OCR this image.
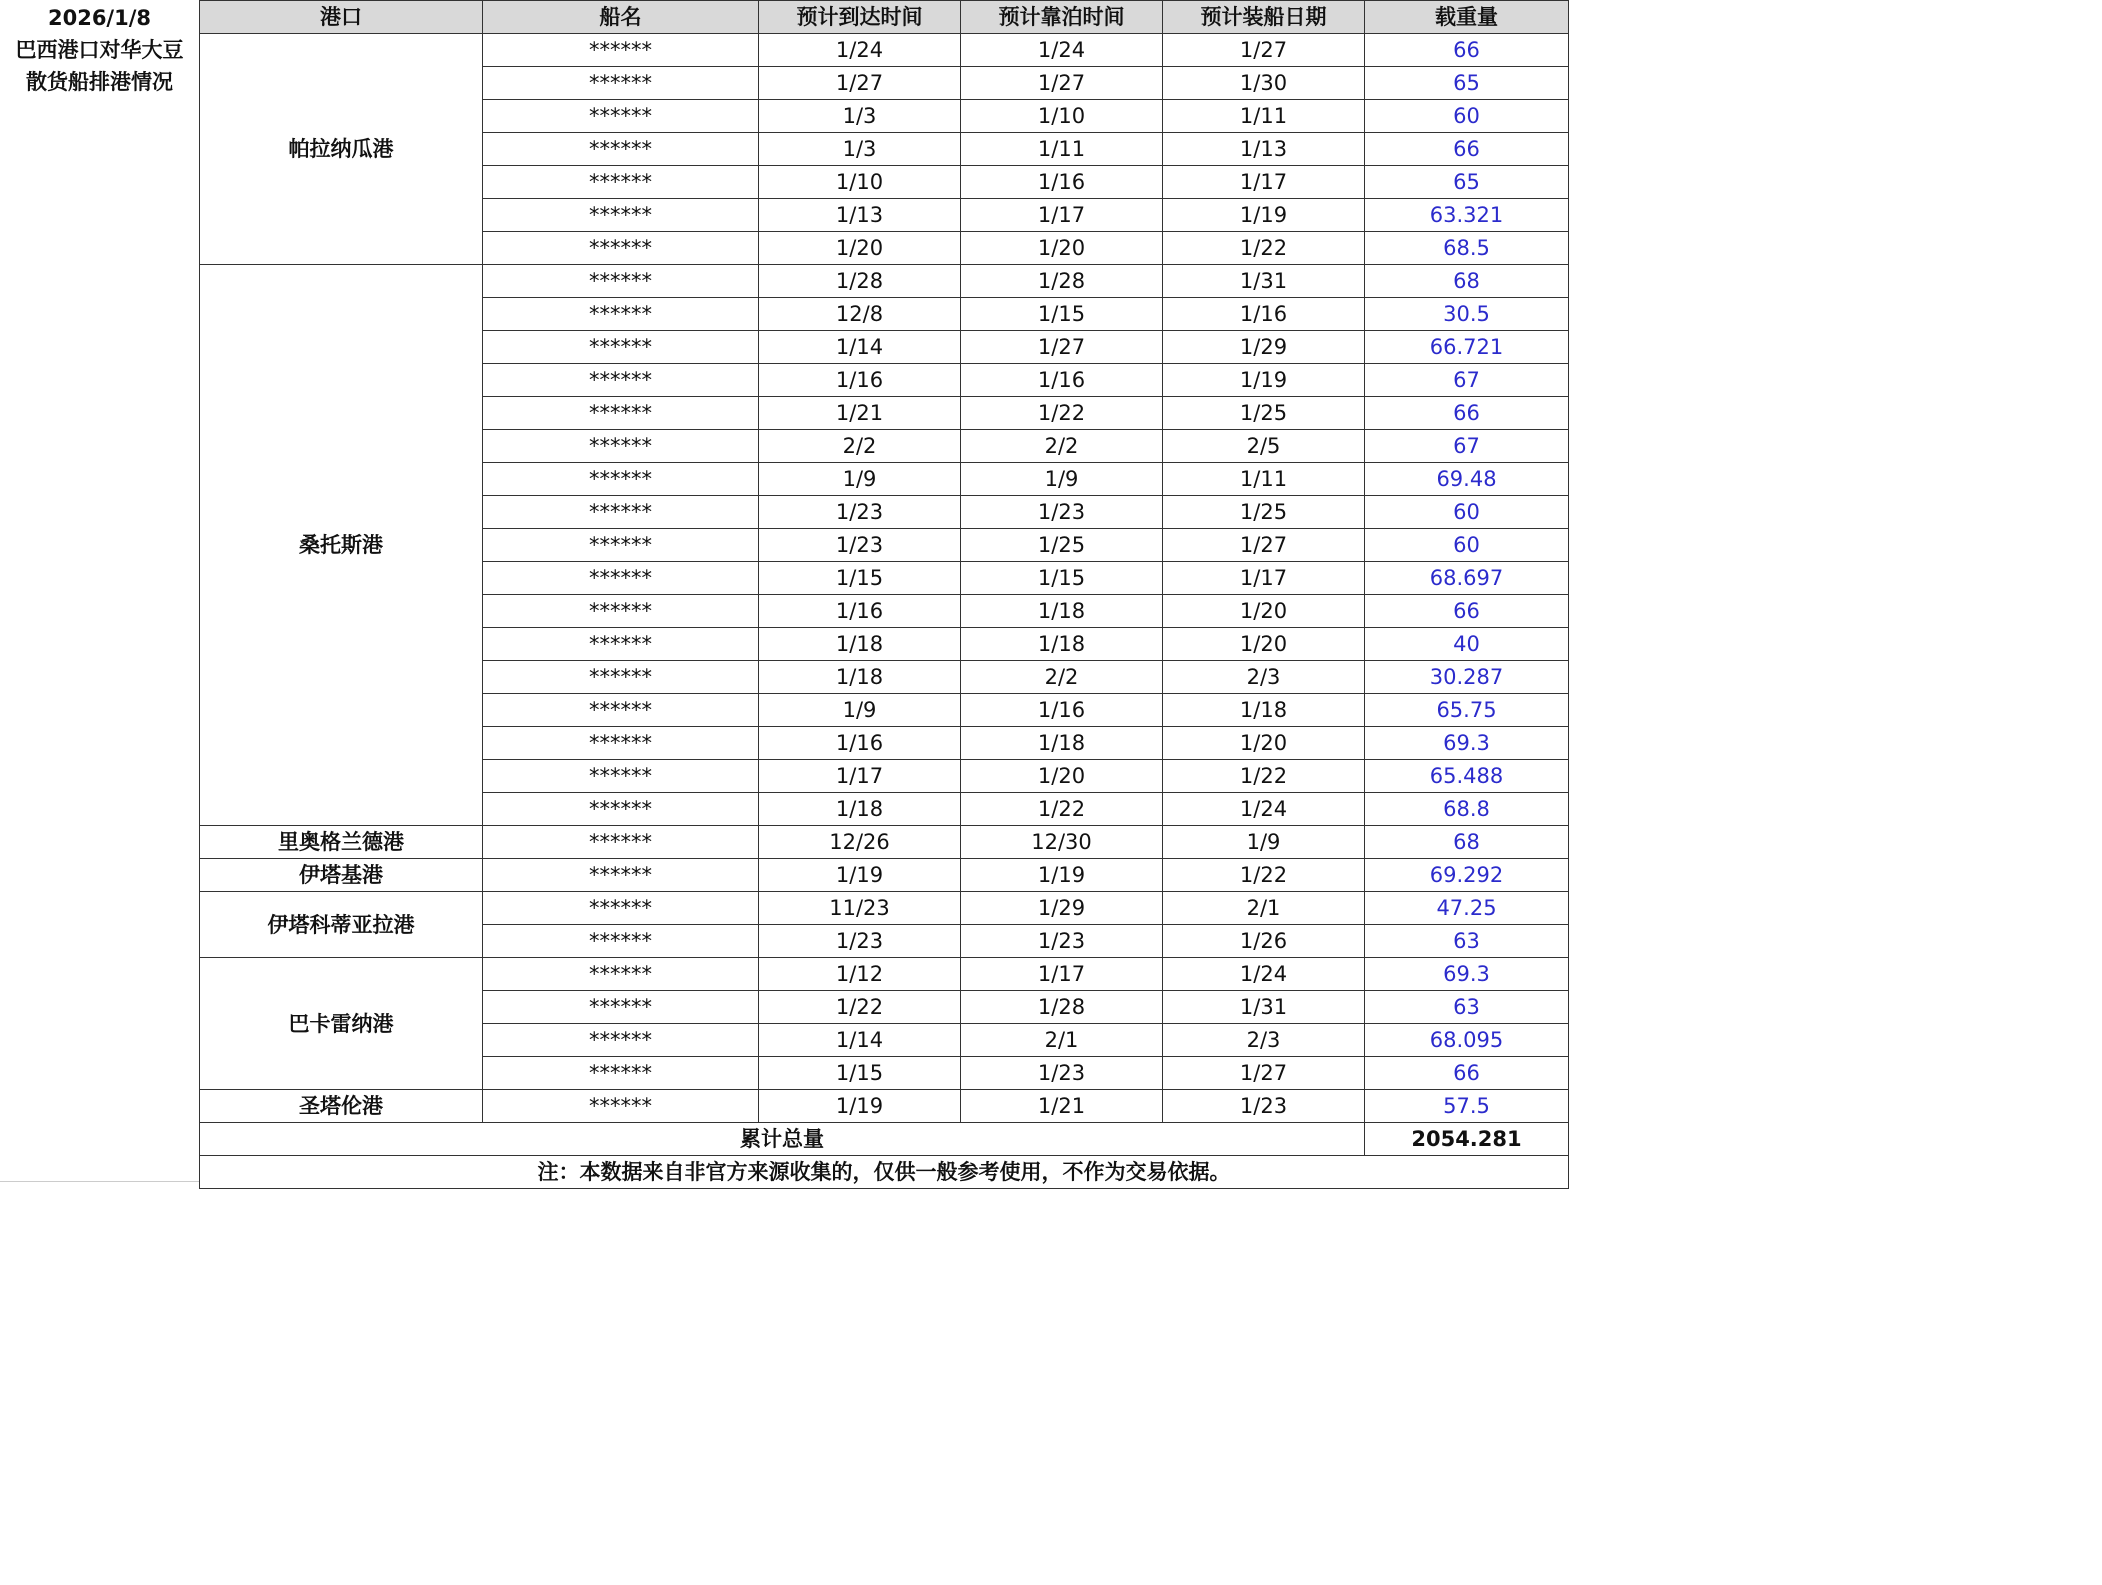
2026/1/8
巴西港口对华大豆
散货船排港情况
港口	船名	预计到达时间	预计靠泊时间	预计装船日期	载重量
帕拉纳瓜港	******	1/24	1/24	1/27	66
	******	1/27	1/27	1/30	65
	******	1/3	1/10	1/11	60
	******	1/3	1/11	1/13	66
	******	1/10	1/16	1/17	65
	******	1/13	1/17	1/19	63.321
	******	1/20	1/20	1/22	68.5
桑托斯港	******	1/28	1/28	1/31	68
	******	12/8	1/15	1/16	30.5
	******	1/14	1/27	1/29	66.721
	******	1/16	1/16	1/19	67
	******	1/21	1/22	1/25	66
	******	2/2	2/2	2/5	67
	******	1/9	1/9	1/11	69.48
	******	1/23	1/23	1/25	60
	******	1/23	1/25	1/27	60
	******	1/15	1/15	1/17	68.697
	******	1/16	1/18	1/20	66
	******	1/18	1/18	1/20	40
	******	1/18	2/2	2/3	30.287
	******	1/9	1/16	1/18	65.75
	******	1/16	1/18	1/20	69.3
	******	1/17	1/20	1/22	65.488
	******	1/18	1/22	1/24	68.8
里奥格兰德港	******	12/26	12/30	1/9	68
伊塔基港	******	1/19	1/19	1/22	69.292
伊塔科蒂亚拉港	******	11/23	1/29	2/1	47.25
	******	1/23	1/23	1/26	63
巴卡雷纳港	******	1/12	1/17	1/24	69.3
	******	1/22	1/28	1/31	63
	******	1/14	2/1	2/3	68.095
	******	1/15	1/23	1/27	66
圣塔伦港	******	1/19	1/21	1/23	57.5
累计总量					2054.281
注：本数据来自非官方来源收集的，仅供一般参考使用，不作为交易依据。					
